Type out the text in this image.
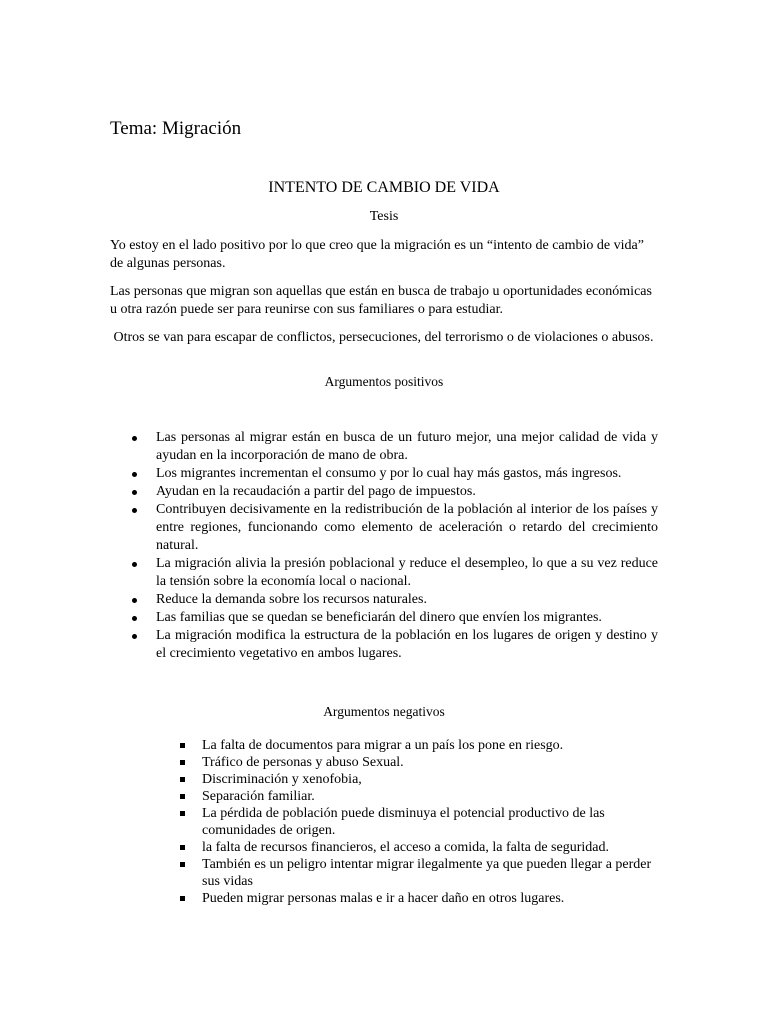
Tema: Migración
INTENTO DE CAMBIO DE VIDA
Tesis
Yo estoy en el lado positivo por lo que creo que la migración es un “intento de cambio de vida” de algunas personas.
Las personas que migran son aquellas que están en busca de trabajo u oportunidades económicas u otra razón puede ser para reunirse con sus familiares o para estudiar.
Otros se van para escapar de conflictos, persecuciones, del terrorismo o de violaciones o abusos.
Argumentos positivos
Las personas al migrar están en busca de un futuro mejor, una mejor calidad de vida y ayudan en la incorporación de mano de obra.
Los migrantes incrementan el consumo y por lo cual hay más gastos, más ingresos.
Ayudan en la recaudación a partir del pago de impuestos.
Contribuyen decisivamente en la redistribución de la población al interior de los países y entre regiones, funcionando como elemento de aceleración o retardo del crecimiento natural.
La migración alivia la presión poblacional y reduce el desempleo, lo que a su vez reduce la tensión sobre la economía local o nacional.
Reduce la demanda sobre los recursos naturales.
Las familias que se quedan se beneficiarán del dinero que envíen los migrantes.
La migración modifica la estructura de la población en los lugares de origen y destino y el crecimiento vegetativo en ambos lugares.
Argumentos negativos
La falta de documentos para migrar a un país los pone en riesgo.
Tráfico de personas y abuso Sexual.
Discriminación y xenofobia,
Separación familiar.
La pérdida de población puede disminuya el potencial productivo de las comunidades de origen.
la falta de recursos financieros, el acceso a comida, la falta de seguridad.
También es un peligro intentar migrar ilegalmente ya que pueden llegar a perder sus vidas
Pueden migrar personas malas e ir a hacer daño en otros lugares.
